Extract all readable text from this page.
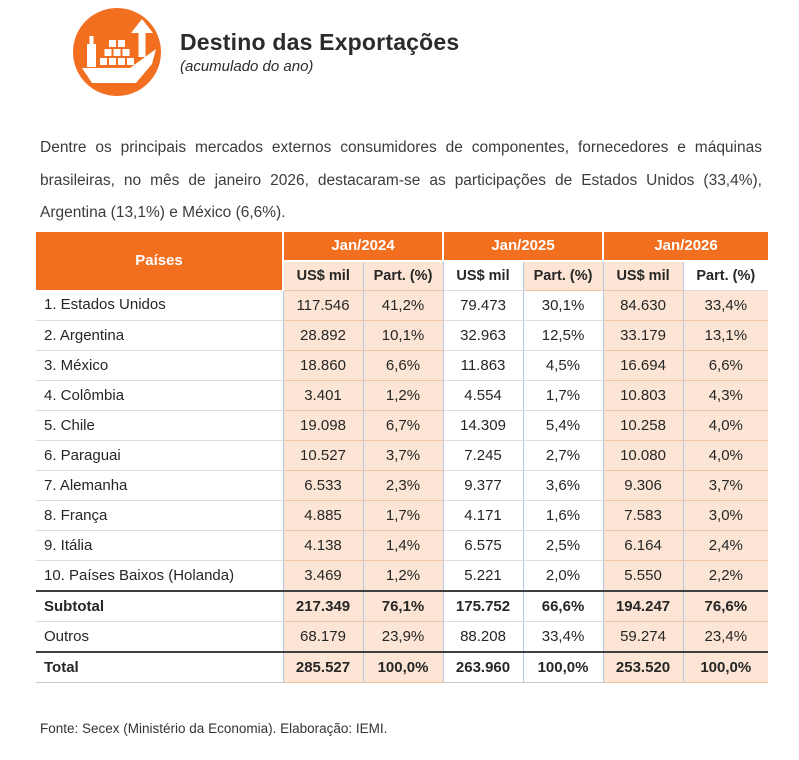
Destino das Exportações
(acumulado do ano)

Dentre os principais mercados externos consumidores de componentes, fornecedores e máquinas brasileiras, no mês de janeiro 2026, destacaram-se as participações de Estados Unidos (33,4%), Argentina (13,1%) e México (6,6%).

Países	Jan/2024		Jan/2025		Jan/2026	
	US$ mil	Part. (%)	US$ mil	Part. (%)	US$ mil	Part. (%)
1. Estados Unidos	117.546	41,2%	79.473	30,1%	84.630	33,4%
2. Argentina	28.892	10,1%	32.963	12,5%	33.179	13,1%
3. México	18.860	6,6%	11.863	4,5%	16.694	6,6%
4. Colômbia	3.401	1,2%	4.554	1,7%	10.803	4,3%
5. Chile	19.098	6,7%	14.309	5,4%	10.258	4,0%
6. Paraguai	10.527	3,7%	7.245	2,7%	10.080	4,0%
7. Alemanha	6.533	2,3%	9.377	3,6%	9.306	3,7%
8. França	4.885	1,7%	4.171	1,6%	7.583	3,0%
9. Itália	4.138	1,4%	6.575	2,5%	6.164	2,4%
10. Países Baixos (Holanda)	3.469	1,2%	5.221	2,0%	5.550	2,2%
Subtotal	217.349	76,1%	175.752	66,6%	194.247	76,6%
Outros	68.179	23,9%	88.208	33,4%	59.274	23,4%
Total	285.527	100,0%	263.960	100,0%	253.520	100,0%

Fonte: Secex (Ministério da Economia). Elaboração: IEMI.
